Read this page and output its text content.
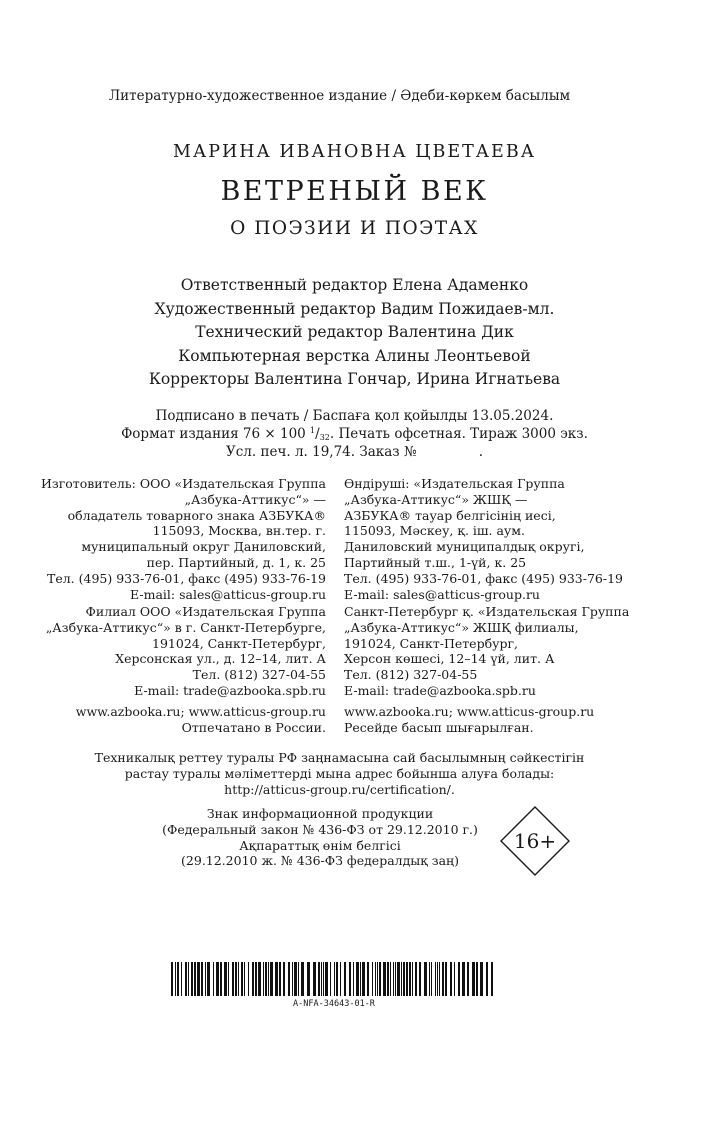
Литературно-художественное издание / Әдеби-көркем басылым
МАРИНА ИВАНОВНА ЦВЕТАЕВА
ВЕТРЕНЫЙ ВЕК
О ПОЭЗИИ И ПОЭТАХ
Ответственный редактор Елена Адаменко
Художественный редактор Вадим Пожидаев-мл.
Технический редактор Валентина Дик
Компьютерная верстка Алины Леонтьевой
Корректоры Валентина Гончар, Ирина Игнатьева
Подписано в печать / Баспаға қол қойылды 13.05.2024.
Формат издания 76 × 100 $^1$/32. Печать офсетная. Тираж 3000 экз.
Усл. печ. л. 19,74. Заказ №	.

Изготовитель: ООО «Издательская Группа

„Азбука-Аттикус“» —

обладатель товарного знака АЗБУКА®

115093, Москва, вн.тер. г.

муниципальный округ Даниловский,

пер. Партийный, д. 1, к. 25

Тел. (495) 933-76-01, факс (495) 933-76-19

E-mail: sales@atticus-group.ru

Өндіруші: «Издательская Группа

„Азбука-Аттикус“» ЖШҚ —

АЗБУКА® тауар белгісінің иесі,

115093, Мәскеу, қ. іш. аум.

Даниловский муниципалдық округі,

Партийный т.ш., 1-үй, к. 25

Тел. (495) 933-76-01, факс (495) 933-76-19

E-mail: sales@atticus-group.ru

Филиал ООО «Издательская Группа

„Азбука-Аттикус“» в г. Санкт-Петербурге,

191024, Санкт-Петербург,

Херсонская ул., д. 12–14, лит. А

Тел. (812) 327-04-55

E-mail: trade@azbooka.spb.ru

Санкт-Петербург қ. «Издательская Группа

„Азбука-Аттикус“» ЖШҚ филиалы,

191024, Санкт-Петербург,

Херсон көшесі, 12–14 үй, лит. А

Тел. (812) 327-04-55

E-mail: trade@azbooka.spb.ru

www.azbooka.ru; www.atticus-group.ru

Отпечатано в России.

www.azbooka.ru; www.atticus-group.ru

Ресейде басып шығарылған.

Техникалық реттеу туралы РФ заңнамасына сай басылымның сәйкестігін
растау туралы мәліметтерді мына адрес бойынша алуға болады:
http://atticus-group.ru/certification/.
Знак информационной продукции
(Федеральный закон № 436-ФЗ от 29.12.2010 г.)
Ақпараттық өнім белгісі
(29.12.2010 ж. № 436-ФЗ федералдық заң)
16+
A-NFA-34643-01-R
